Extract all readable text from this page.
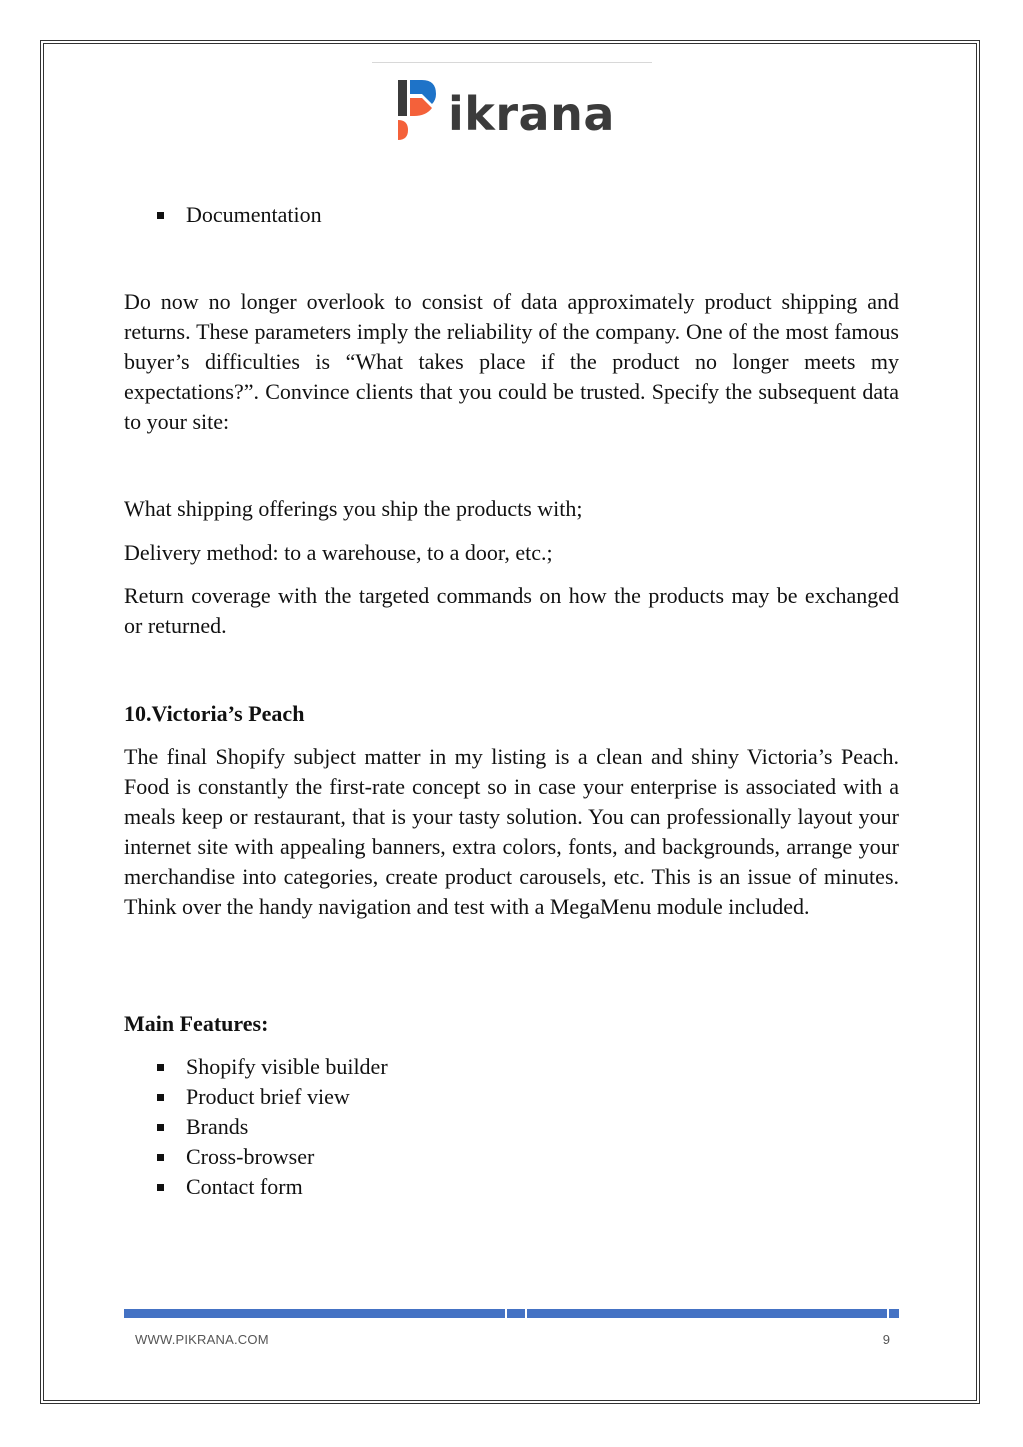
ikrana
Documentation

Do now no longer overlook to consist of data approximately product shipping and returns. These parameters imply the reliability of the company. One of the most famous buyer’s difficulties is “What takes place if the product no longer meets my expectations?”. Convince clients that you could be trusted. Specify the subsequent data to your site:

What shipping offerings you ship the products with;

Delivery method: to a warehouse, to a door, etc.;

Return coverage with the targeted commands on how the products may be exchanged or returned.

10.Victoria’s Peach

The final Shopify subject matter in my listing is a clean and shiny Victoria’s Peach. Food is constantly the first-rate concept so in case your enterprise is associated with a meals keep or restaurant, that is your tasty solution. You can professionally layout your internet site with appealing banners, extra colors, fonts, and backgrounds, arrange your merchandise into categories, create product carousels, etc. This is an issue of minutes. Think over the handy navigation and test with a MegaMenu module included.

Main Features:
Shopify visible builder
Product brief view
Brands
Cross-browser
Contact form
WWW.PIKRANA.COM	9
